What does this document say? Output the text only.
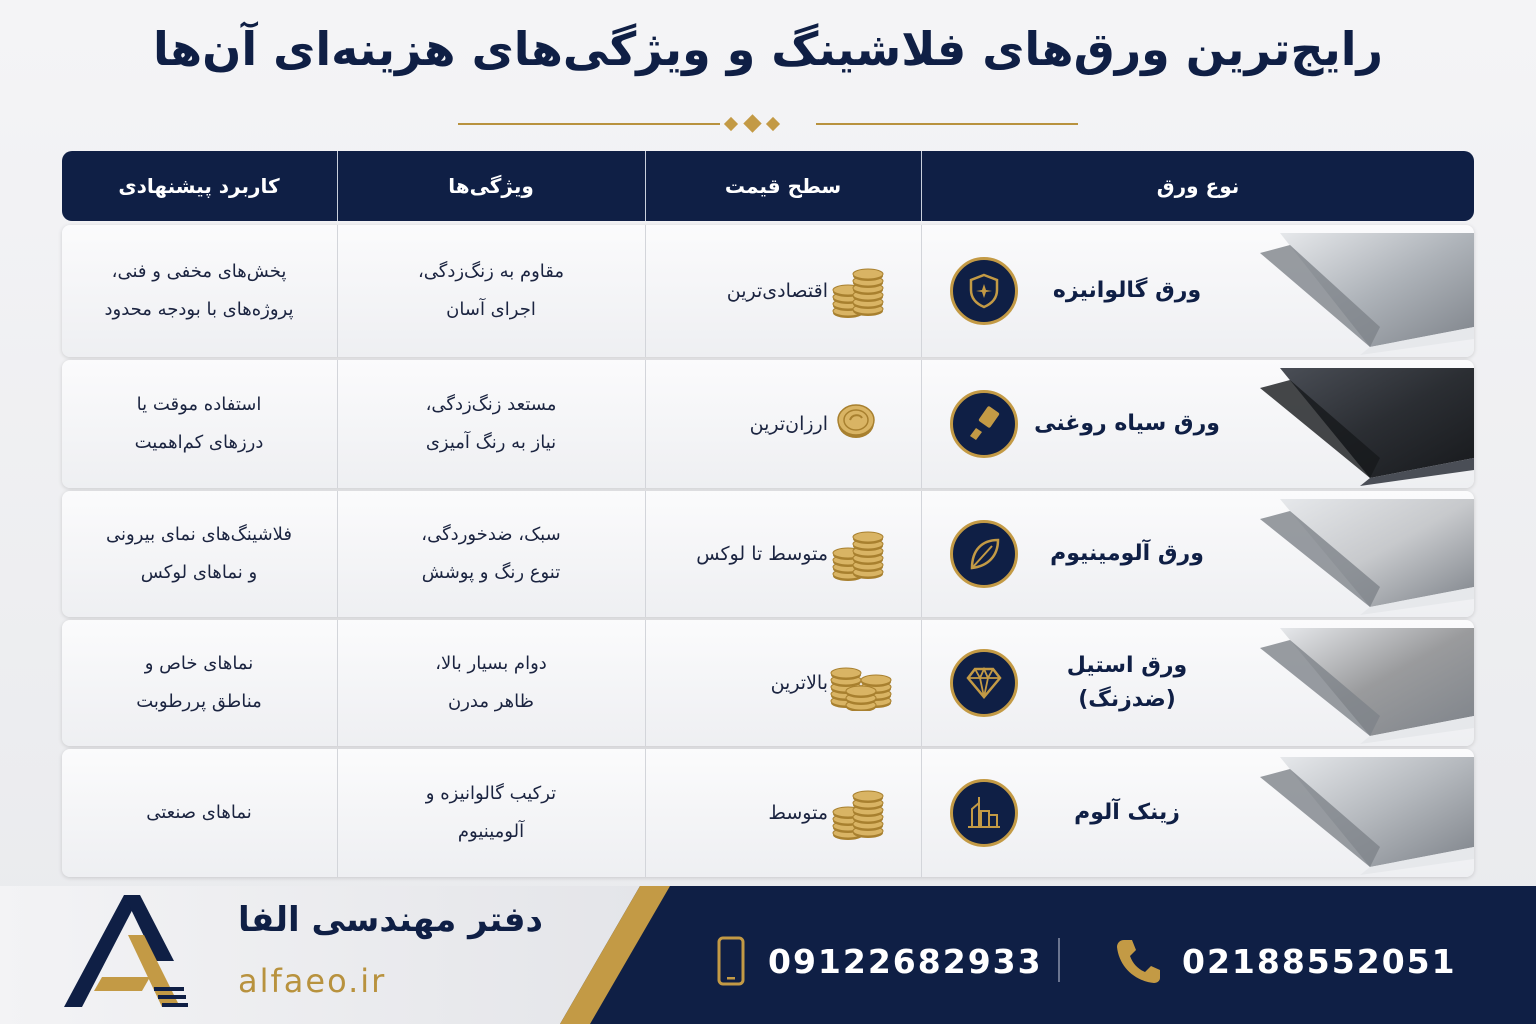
رایج‌ترین ورق‌های فلاشینگ و ویژگی‌های هزینه‌ای آن‌ها
نوع ورق
سطح قیمت
ویژگی‌ها
کاربرد پیشنهادی
ورق گالوانیزه
اقتصادی‌ترین
مقاوم به زنگ‌زدگی،
اجرای آسان
پخش‌های مخفی و فنی،
پروژه‌های با بودجه محدود
ورق سیاه روغنی
ارزان‌ترین
مستعد زنگ‌زدگی،
نیاز به رنگ آمیزی
استفاده موقت یا
درزهای کم‌اهمیت
ورق آلومینیوم
متوسط تا لوکس
سبک، ضدخوردگی،
تنوع رنگ و پوشش
فلاشینگ‌های نمای بیرونی
و نماهای لوکس
ورق استیل
(ضدزنگ)
بالاترین
دوام بسیار بالا،
ظاهر مدرن
نماهای خاص و
مناطق پررطوبت
زینک آلوم
متوسط
ترکیب گالوانیزه و
آلومینیوم
نماهای صنعتی
دفتر مهندسی الفا
alfaeo.ir	09122682933	02188552051
